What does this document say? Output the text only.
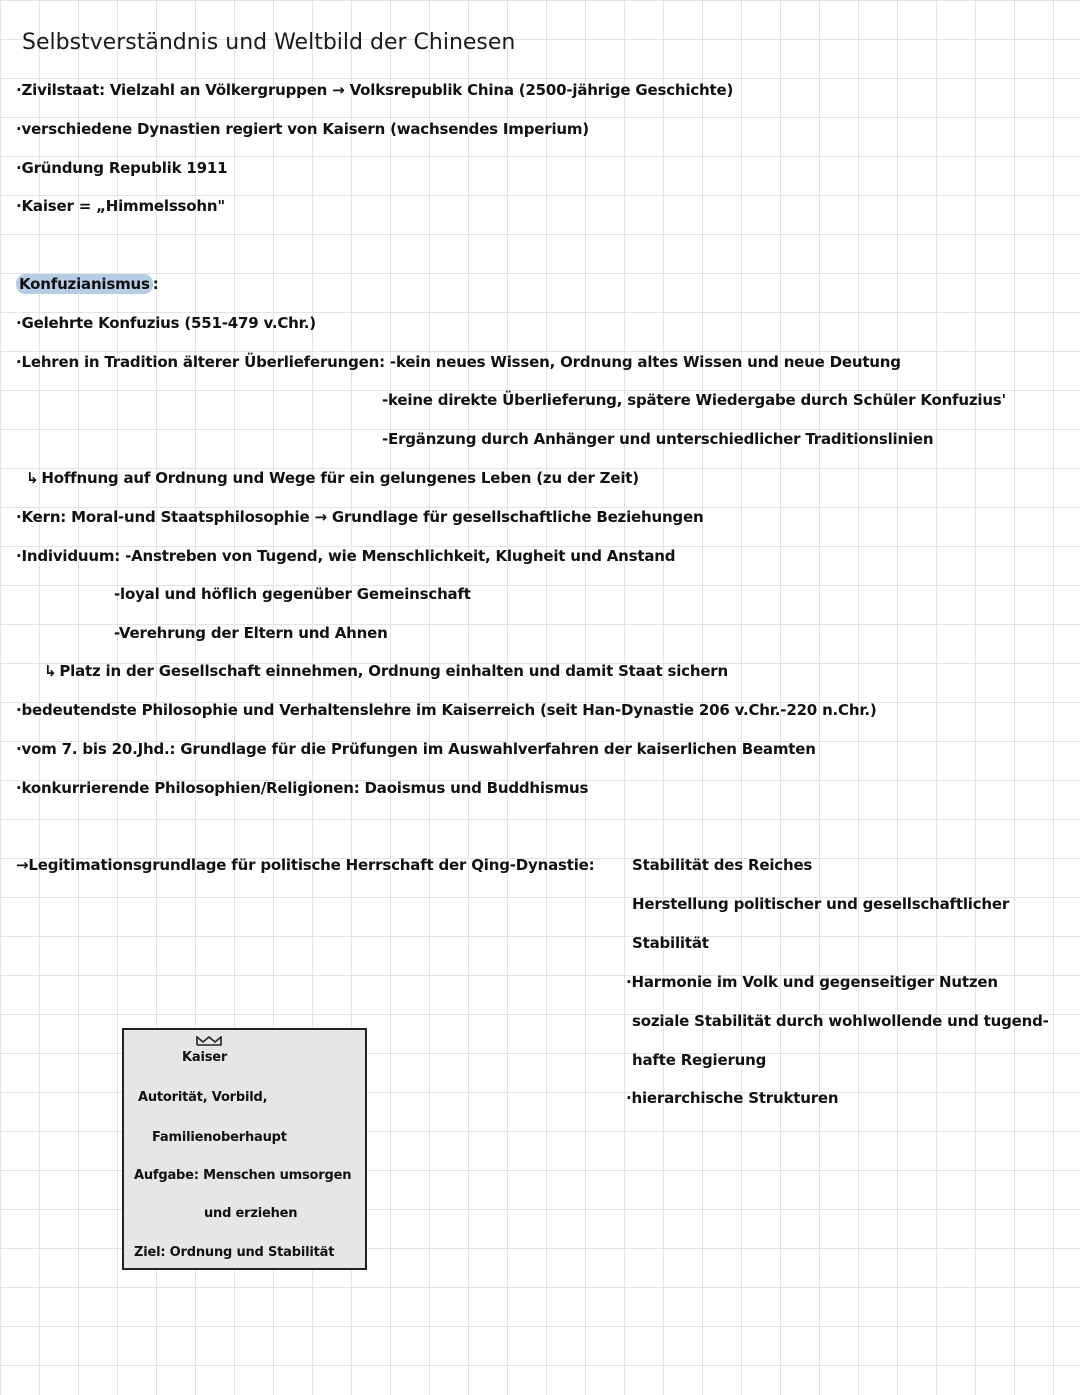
Selbstverständnis und Weltbild der Chinesen
·Zivilstaat: Vielzahl an Völkergruppen → Volksrepublik China (2500-jährige Geschichte)
·verschiedene Dynastien regiert von Kaisern (wachsendes Imperium)
·Gründung Republik 1911
·Kaiser = „Himmelssohn"
Konfuzianismus :
·Gelehrte Konfuzius (551-479 v.Chr.)
·Lehren in Tradition älterer Überlieferungen: -kein neues Wissen, Ordnung altes Wissen und neue Deutung
-keine direkte Überlieferung, spätere Wiedergabe durch Schüler Konfuzius'
-Ergänzung durch Anhänger und unterschiedlicher Traditionslinien
↳ Hoffnung auf Ordnung und Wege für ein gelungenes Leben (zu der Zeit)
·Kern: Moral-und Staatsphilosophie → Grundlage für gesellschaftliche Beziehungen
·Individuum: -Anstreben von Tugend, wie Menschlichkeit, Klugheit und Anstand
-loyal und höflich gegenüber Gemeinschaft
-Verehrung der Eltern und Ahnen
↳ Platz in der Gesellschaft einnehmen, Ordnung einhalten und damit Staat sichern
·bedeutendste Philosophie und Verhaltenslehre im Kaiserreich (seit Han-Dynastie 206 v.Chr.-220 n.Chr.)
·vom 7. bis 20.Jhd.: Grundlage für die Prüfungen im Auswahlverfahren der kaiserlichen Beamten
·konkurrierende Philosophien/Religionen: Daoismus und Buddhismus
→Legitimationsgrundlage für politische Herrschaft der Qing-Dynastie:	Stabilität des Reiches
Herstellung politischer und gesellschaftlicher
Stabilität
·Harmonie im Volk und gegenseitiger Nutzen
soziale Stabilität durch wohlwollende und tugend-
hafte Regierung
·hierarchische Strukturen
Kaiser
Autorität, Vorbild,
Familienoberhaupt
Aufgabe: Menschen umsorgen
und erziehen
Ziel: Ordnung und Stabilität
